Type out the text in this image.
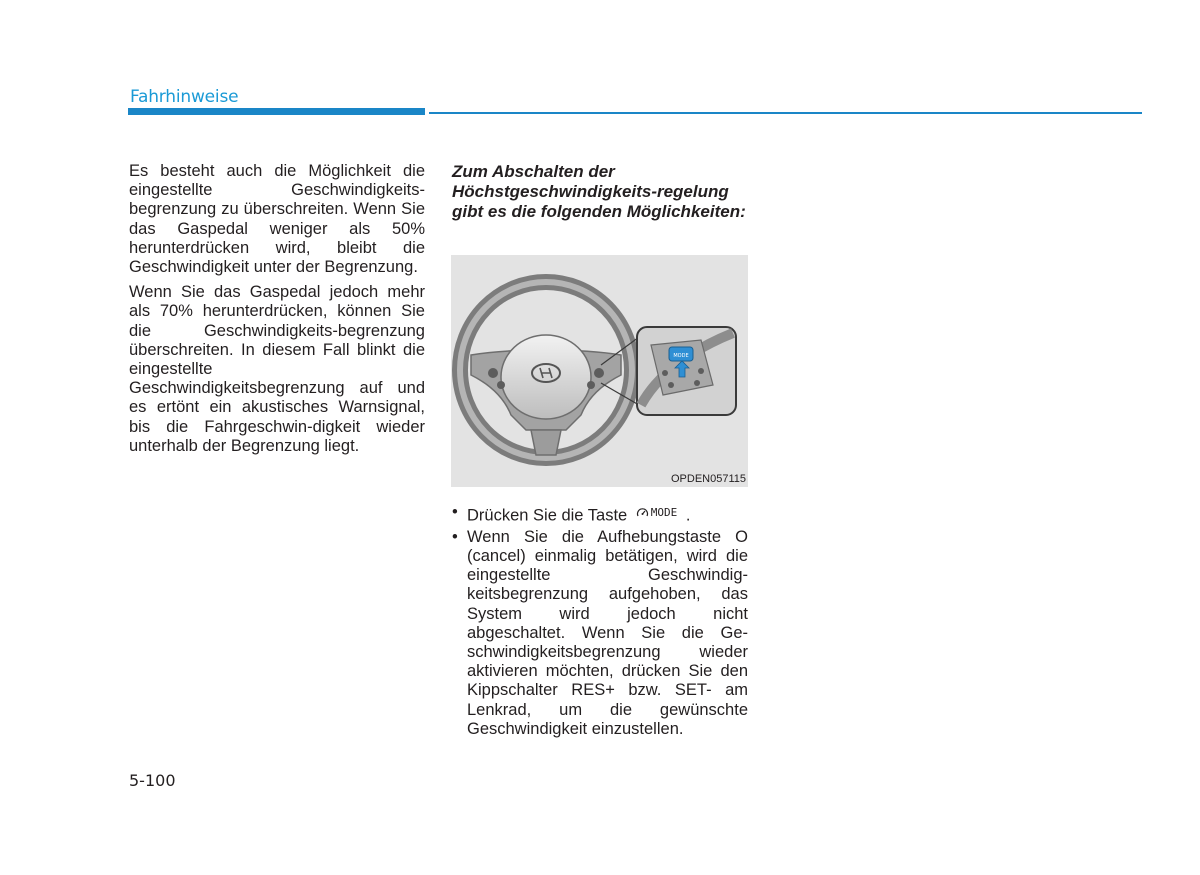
Fahrhinweise

Es besteht auch die Möglichkeit die eingestellte Geschwindigkeits-begrenzung zu überschreiten. Wenn Sie das Gaspedal weniger als 50% herunterdrücken wird, bleibt die Geschwindigkeit unter der Begrenzung.

Wenn Sie das Gaspedal jedoch mehr als 70% herunterdrücken, können Sie die Geschwindigkeits-begrenzung überschreiten. In diesem Fall blinkt die eingestellte Geschwindigkeitsbegrenzung auf und es ertönt ein akustisches Warnsignal, bis die Fahrgeschwin-digkeit wieder unterhalb der Begrenzung liegt.

Zum Abschalten der Höchstgeschwindigkeits-regelung gibt es die folgenden Möglichkeiten:

MODE
OPDEN057115
• Drücken Sie die Taste MODE .
• Wenn Sie die Aufhebungstaste O (cancel) einmalig betätigen, wird die eingestellte Geschwindig-keitsbegrenzung aufgehoben, das System wird jedoch nicht abgeschaltet. Wenn Sie die Ge-schwindigkeitsbegrenzung wieder aktivieren möchten, drücken Sie den Kippschalter RES+ bzw. SET- am Lenkrad, um die gewünschte Geschwindigkeit einzustellen.
5-100
